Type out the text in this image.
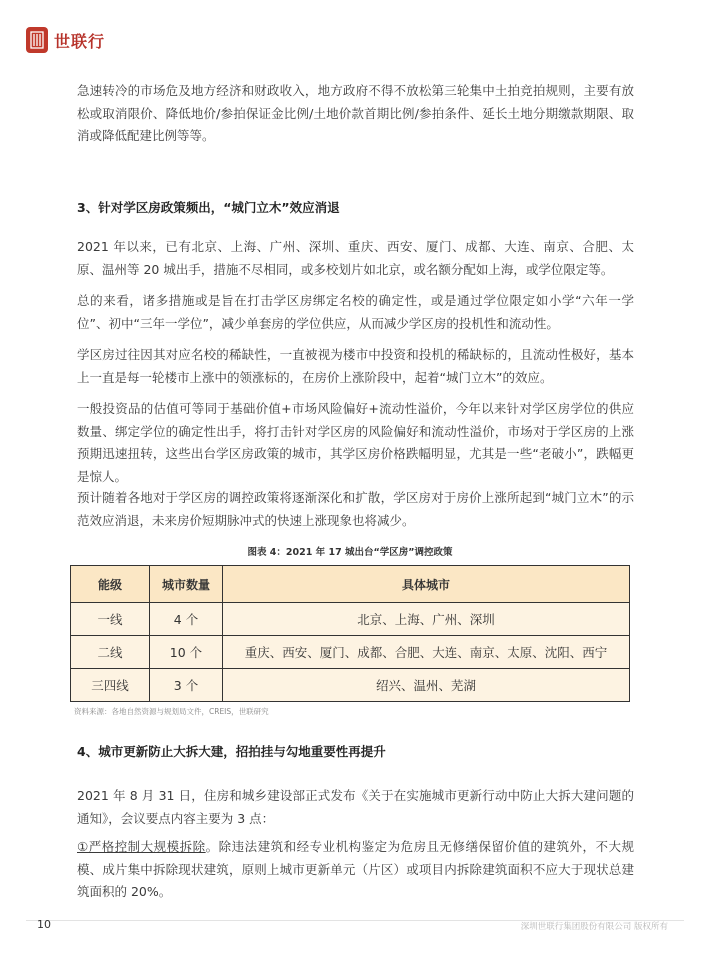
世联行

急速转冷的市场危及地方经济和财政收入，地方政府不得不放松第三轮集中土拍竞拍规则，主要有放松或取消限价、降低地价/参拍保证金比例/土地价款首期比例/参拍条件、延长土地分期缴款期限、取消或降低配建比例等等。

3、针对学区房政策频出，“城门立木”效应消退

2021 年以来，已有北京、上海、广州、深圳、重庆、西安、厦门、成都、大连、南京、合肥、太原、温州等 20 城出手，措施不尽相同，或多校划片如北京，或名额分配如上海，或学位限定等。

总的来看，诸多措施或是旨在打击学区房绑定名校的确定性，或是通过学位限定如小学“六年一学位”、初中“三年一学位”，减少单套房的学位供应，从而减少学区房的投机性和流动性。

学区房过往因其对应名校的稀缺性，一直被视为楼市中投资和投机的稀缺标的，且流动性极好，基本上一直是每一轮楼市上涨中的领涨标的，在房价上涨阶段中，起着“城门立木”的效应。

一般投资品的估值可等同于基础价值+市场风险偏好+流动性溢价，今年以来针对学区房学位的供应数量、绑定学位的确定性出手，将打击针对学区房的风险偏好和流动性溢价，市场对于学区房的上涨预期迅速扭转，这些出台学区房政策的城市，其学区房价格跌幅明显，尤其是一些“老破小”，跌幅更是惊人。

预计随着各地对于学区房的调控政策将逐渐深化和扩散，学区房对于房价上涨所起到“城门立木”的示范效应消退，未来房价短期脉冲式的快速上涨现象也将减少。

图表 4：2021 年 17 城出台“学区房”调控政策
能级	城市数量	具体城市
一线	4 个	北京、上海、广州、深圳
二线	10 个	重庆、西安、厦门、成都、合肥、大连、南京、太原、沈阳、西宁
三四线	3 个	绍兴、温州、芜湖
资料来源：各地自然资源与规划局文件，CREIS，世联研究
4、城市更新防止大拆大建，招拍挂与勾地重要性再提升

2021 年 8 月 31 日，住房和城乡建设部正式发布《关于在实施城市更新行动中防止大拆大建问题的通知》，会议要点内容主要为 3 点：

①严格控制大规模拆除。除违法建筑和经专业机构鉴定为危房且无修缮保留价值的建筑外，不大规模、成片集中拆除现状建筑，原则上城市更新单元（片区）或项目内拆除建筑面积不应大于现状总建筑面积的 20%。

10	深圳世联行集团股份有限公司 版权所有
